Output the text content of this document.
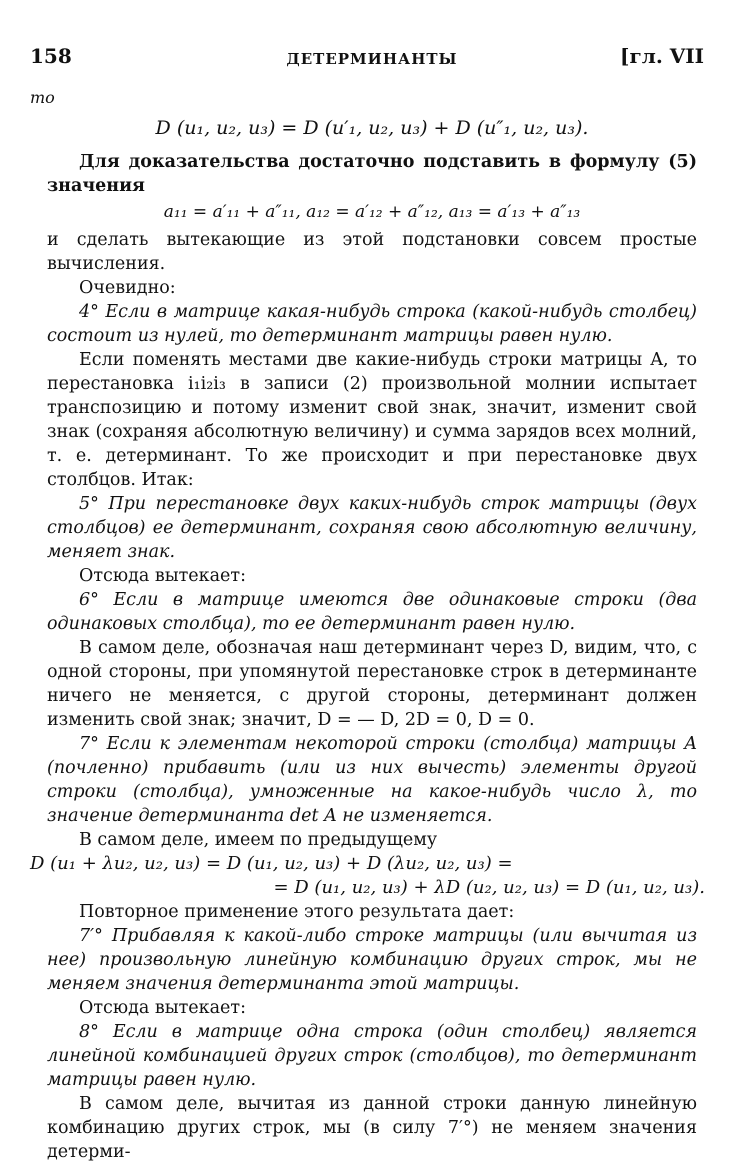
158	ДЕТЕРМИНАНТЫ	[гл. VII

то

D (u₁, u₂, u₃) = D (u′₁, u₂, u₃) + D (u″₁, u₂, u₃).

Для доказательства достаточно подставить в формулу (5) значения

a₁₁ = a′₁₁ + a″₁₁, a₁₂ = a′₁₂ + a″₁₂, a₁₃ = a′₁₃ + a″₁₃

и сделать вытекающие из этой подстановки совсем простые вычисления.

Очевидно:

4° Если в матрице какая-нибудь строка (какой-нибудь столбец) состоит из нулей, то детерминант матрицы равен нулю.

Если поменять местами две какие-нибудь строки матрицы A, то перестановка i₁i₂i₃ в записи (2) произвольной молнии испытает транспозицию и потому изменит свой знак, значит, изменит свой знак (сохраняя абсолютную величину) и сумма зарядов всех молний, т. е. детерминант. То же происходит и при перестановке двух столбцов. Итак:

5° При перестановке двух каких-нибудь строк матрицы (двух столбцов) ее детерминант, сохраняя свою абсолютную величину, меняет знак.

Отсюда вытекает:

6° Если в матрице имеются две одинаковые строки (два одинаковых столбца), то ее детерминант равен нулю.

В самом деле, обозначая наш детерминант через D, видим, что, с одной стороны, при упомянутой перестановке строк в детерминанте ничего не меняется, с другой стороны, детерминант должен изменить свой знак; значит, D = — D, 2D = 0, D = 0.

7° Если к элементам некоторой строки (столбца) матрицы A (почленно) прибавить (или из них вычесть) элементы другой строки (столбца), умноженные на какое-нибудь число λ, то значение детерминанта det A не изменяется.

В самом деле, имеем по предыдущему

D (u₁ + λu₂, u₂, u₃) = D (u₁, u₂, u₃) + D (λu₂, u₂, u₃) =

= D (u₁, u₂, u₃) + λD (u₂, u₂, u₃) = D (u₁, u₂, u₃).

Повторное применение этого результата дает:

7′° Прибавляя к какой-либо строке матрицы (или вычитая из нее) произвольную линейную комбинацию других строк, мы не меняем значения детерминанта этой матрицы.

Отсюда вытекает:

8° Если в матрице одна строка (один столбец) является линейной комбинацией других строк (столбцов), то детерминант матрицы равен нулю.

В самом деле, вычитая из данной строки данную линейную комбинацию других строк, мы (в силу 7′°) не меняем значения детерми-
